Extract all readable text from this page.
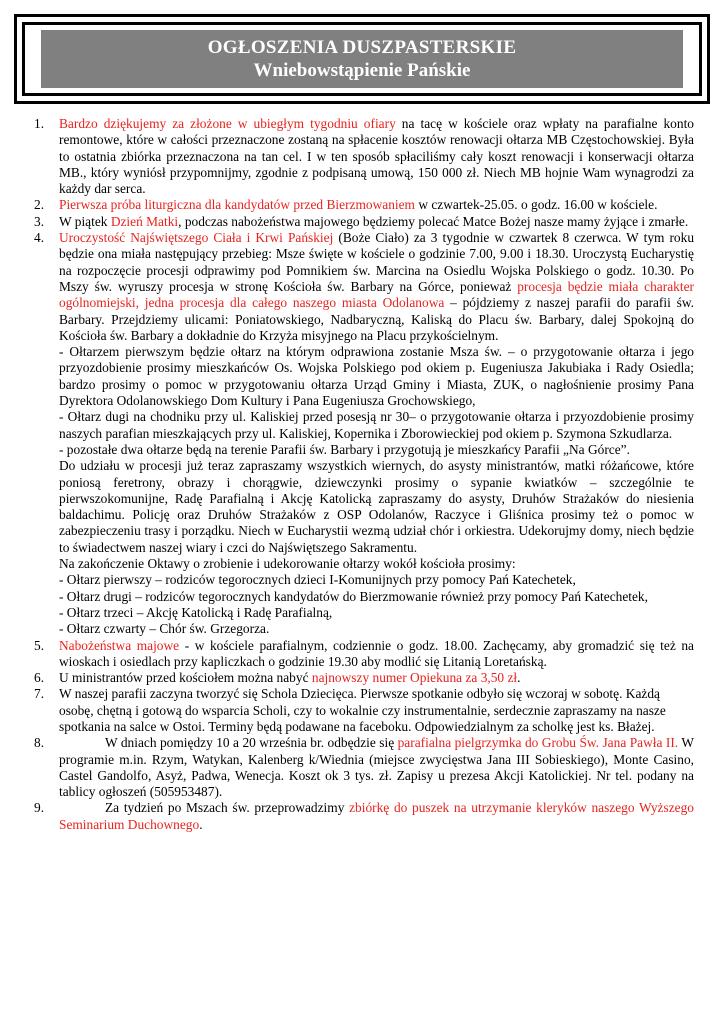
OGŁOSZENIA DUSZPASTERSKIE
Wniebowstąpienie Pańskie
1. Bardzo dziękujemy za złożone w ubiegłym tygodniu ofiary na tacę w kościele oraz wpłaty na parafialne konto remontowe, które w całości przeznaczone zostaną na spłacenie kosztów renowacji ołtarza MB Częstochowskiej. Była to ostatnia zbiórka przeznaczona na tan cel. I w ten sposób spłaciliśmy cały koszt renowacji i konserwacji ołtarza MB., który wyniósł przypomnijmy, zgodnie z podpisaną umową, 150 000 zł. Niech MB hojnie Wam wynagrodzi za każdy dar serca.
2. Pierwsza próba liturgiczna dla kandydatów przed Bierzmowaniem w czwartek-25.05. o godz. 16.00 w kościele.
3. W piątek Dzień Matki, podczas nabożeństwa majowego będziemy polecać Matce Bożej nasze mamy żyjące i zmarłe.
4. Uroczystość Najświętszego Ciała i Krwi Pańskiej (Boże Ciało) za 3 tygodnie w czwartek 8 czerwca. W tym roku będzie ona miała następujący przebieg: Msze święte w kościele o godzinie 7.00, 9.00 i 18.30. Uroczystą Eucharystię na rozpoczęcie procesji odprawimy pod Pomnikiem św. Marcina na Osiedlu Wojska Polskiego o godz. 10.30. Po Mszy św. wyruszy procesja w stronę Kościoła św. Barbary na Górce, ponieważ procesja będzie miała charakter ogólnomiejski, jedna procesja dla całego naszego miasta Odolanowa – pójdziemy z naszej parafii do parafii św. Barbary. Przejdziemy ulicami: Poniatowskiego, Nadbaryczną, Kaliską do Placu św. Barbary, dalej Spokojną do Kościoła św. Barbary a dokładnie do Krzyża misyjnego na Placu przykościelnym.
- Ołtarzem pierwszym będzie ołtarz na którym odprawiona zostanie Msza św. – o przygotowanie ołtarza i jego przyozdobienie prosimy mieszkańców Os. Wojska Polskiego pod okiem p. Eugeniusza Jakubiaka i Rady Osiedla; bardzo prosimy o pomoc w przygotowaniu ołtarza Urząd Gminy i Miasta, ZUK, o nagłośnienie prosimy Pana Dyrektora Odolanowskiego Dom Kultury i Pana Eugeniusza Grochowskiego,
- Ołtarz dugi na chodniku przy ul. Kaliskiej przed posesją nr 30– o przygotowanie ołtarza i przyozdobienie prosimy naszych parafian mieszkających przy ul. Kaliskiej, Kopernika i Zborowieckiej pod okiem p. Szymona Szkudlarza.
- pozostałe dwa ołtarze będą na terenie Parafii św. Barbary i przygotują je mieszkańcy Parafii „Na Górce”.
Do udziału w procesji już teraz zapraszamy wszystkich wiernych, do asysty ministrantów, matki różańcowe, które poniosą feretrony, obrazy i chorągwie, dziewczynki prosimy o sypanie kwiatków – szczególnie te pierwszokomunijne, Radę Parafialną i Akcję Katolicką zapraszamy do asysty, Druhów Strażaków do niesienia baldachimu. Policję oraz Druhów Strażaków z OSP Odolanów, Raczyce i Gliśnica prosimy też o pomoc w zabezpieczeniu trasy i porządku. Niech w Eucharystii wezmą udział chór i orkiestra. Udekorujmy domy, niech będzie to świadectwem naszej wiary i czci do Najświętszego Sakramentu.
Na zakończenie Oktawy o zrobienie i udekorowanie ołtarzy wokół kościoła prosimy:
- Ołtarz pierwszy – rodziców tegorocznych dzieci I-Komunijnych przy pomocy Pań Katechetek,
- Ołtarz drugi – rodziców tegorocznych kandydatów do Bierzmowanie również przy pomocy Pań Katechetek,
- Ołtarz trzeci – Akcję Katolicką i Radę Parafialną,
- Ołtarz czwarty – Chór św. Grzegorza.
5. Nabożeństwa majowe - w kościele parafialnym, codziennie o godz. 18.00. Zachęcamy, aby gromadzić się też na wioskach i osiedlach przy kapliczkach o godzinie 19.30 aby modlić się Litanią Loretańską.
6. U ministrantów przed kościołem można nabyć najnowszy numer Opiekuna za 3,50 zł.
7. W naszej parafii zaczyna tworzyć się Schola Dziecięca. Pierwsze spotkanie odbyło się wczoraj w sobotę. Każdą osobę, chętną i gotową do wsparcia Scholi, czy to wokalnie czy instrumentalnie, serdecznie zapraszamy na nasze spotkania na salce w Ostoi. Terminy będą podawane na faceboku. Odpowiedzialnym za scholkę jest ks. Błażej.
8.	W dniach pomiędzy 10 a 20 września br. odbędzie się parafialna pielgrzymka do Grobu Św. Jana Pawła II. W programie m.in. Rzym, Watykan, Kalenberg k/Wiednia (miejsce zwycięstwa Jana III Sobieskiego), Monte Casino, Castel Gandolfo, Asyż, Padwa, Wenecja. Koszt ok 3 tys. zł. Zapisy u prezesa Akcji Katolickiej. Nr tel. podany na tablicy ogłoszeń (505953487).
9.	Za tydzień po Mszach św. przeprowadzimy zbiórkę do puszek na utrzymanie kleryków naszego Wyższego Seminarium Duchownego.
